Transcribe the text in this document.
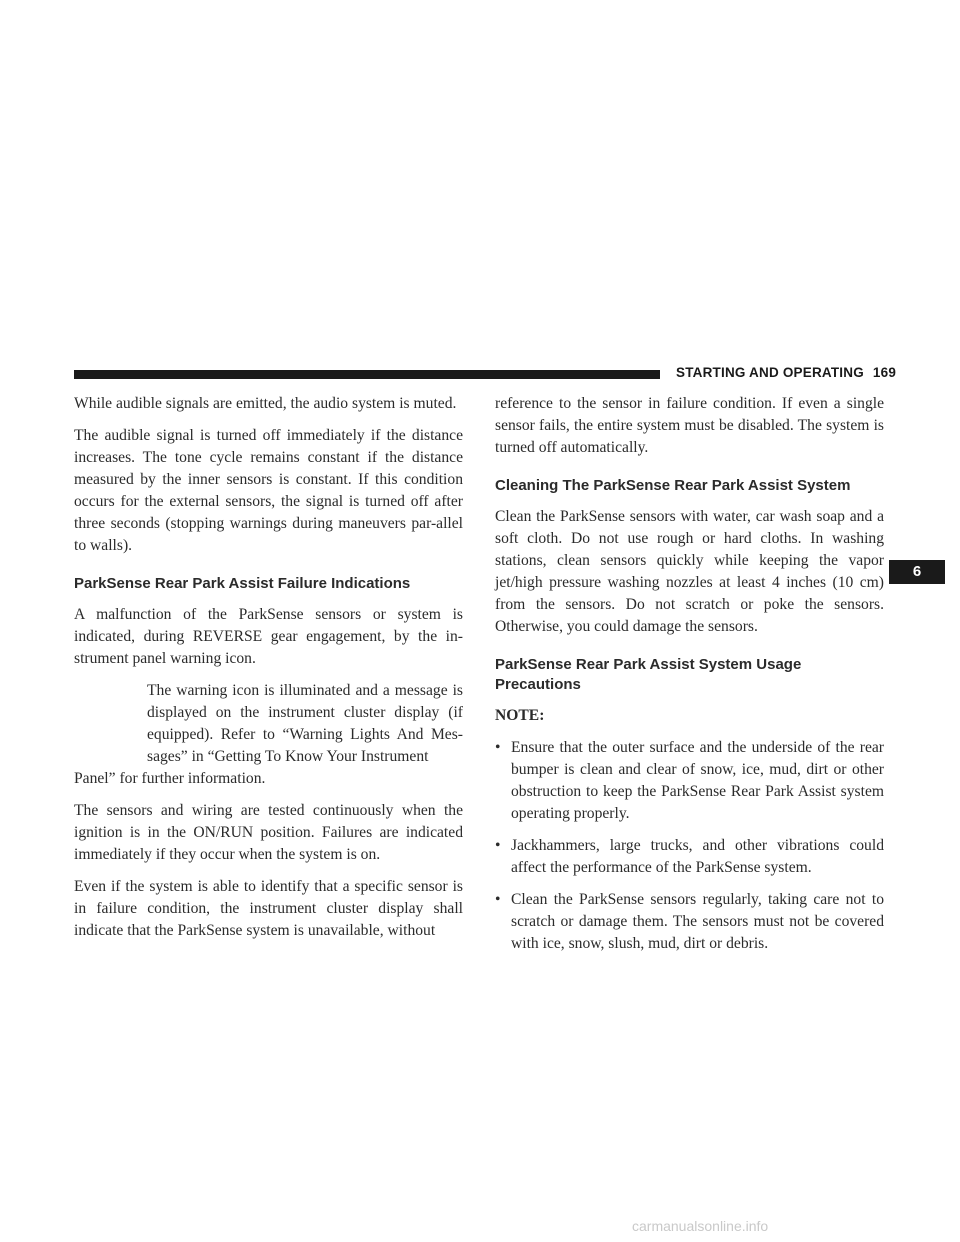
STARTING AND OPERATING 169

While audible signals are emitted, the audio system is muted.

The audible signal is turned off immediately if the distance increases. The tone cycle remains constant if the distance measured by the inner sensors is constant. If this condition occurs for the external sensors, the signal is turned off after three seconds (stopping warnings during maneuvers par-allel to walls).

ParkSense Rear Park Assist Failure Indications

A malfunction of the ParkSense sensors or system is indicated, during REVERSE gear engagement, by the in-strument panel warning icon.

The warning icon is illuminated and a message is displayed on the instrument cluster display (if equipped). Refer to “Warning Lights And Mes-sages” in “Getting To Know Your Instrument

Panel” for further information.

The sensors and wiring are tested continuously when the ignition is in the ON/RUN position. Failures are indicated immediately if they occur when the system is on.

Even if the system is able to identify that a specific sensor is in failure condition, the instrument cluster display shall indicate that the ParkSense system is unavailable, without

reference to the sensor in failure condition. If even a single sensor fails, the entire system must be disabled. The system is turned off automatically.

Cleaning The ParkSense Rear Park Assist System

Clean the ParkSense sensors with water, car wash soap and a soft cloth. Do not use rough or hard cloths. In washing stations, clean sensors quickly while keeping the vapor jet/high pressure washing nozzles at least 4 inches (10 cm) from the sensors. Do not scratch or poke the sensors. Otherwise, you could damage the sensors.

ParkSense Rear Park Assist System Usage Precautions

NOTE:

• Ensure that the outer surface and the underside of the rear bumper is clean and clear of snow, ice, mud, dirt or other obstruction to keep the ParkSense Rear Park Assist system operating properly.
• Jackhammers, large trucks, and other vibrations could affect the performance of the ParkSense system.
• Clean the ParkSense sensors regularly, taking care not to scratch or damage them. The sensors must not be covered with ice, snow, slush, mud, dirt or debris.
6
carmanualsonline.info
